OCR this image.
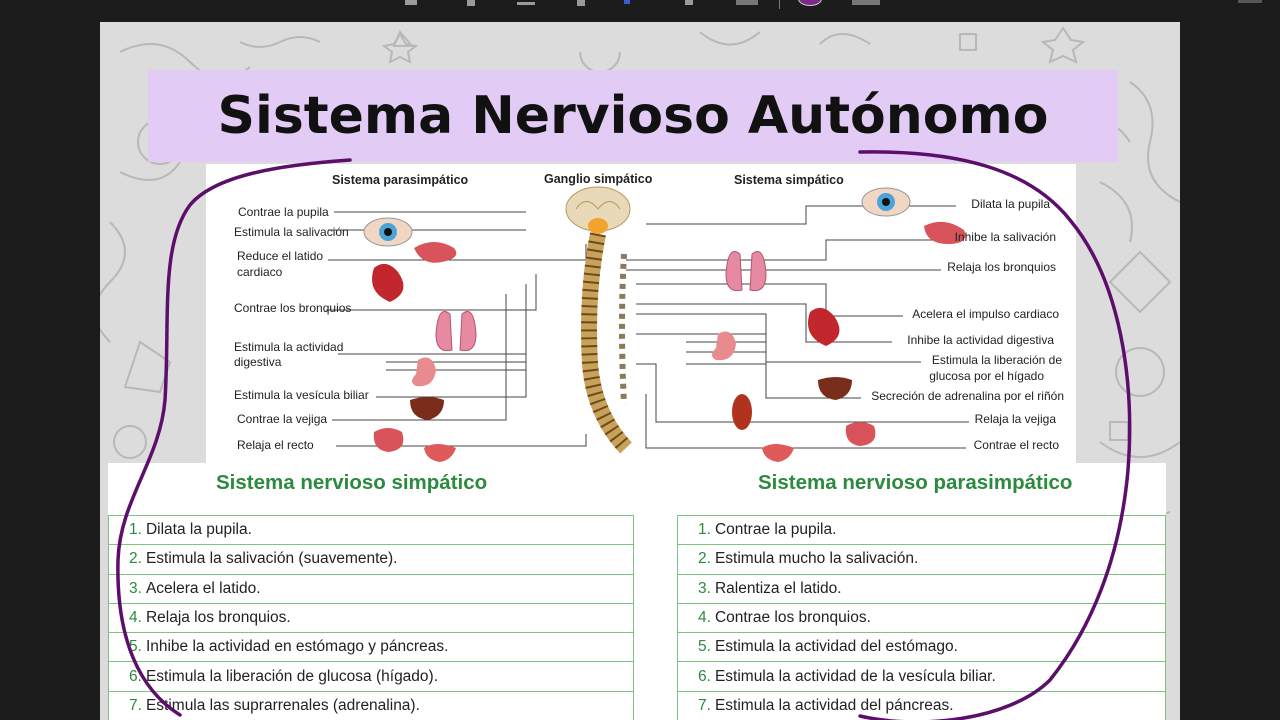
Sistema Nervioso Autónomo
Sistema parasimpático	Ganglio simpático	Sistema simpático
Contrae la pupila
Estimula la salivación
Reduce el latido
cardiaco
Contrae los bronquios
Estimula la actividad
digestiva
Estimula la vesícula biliar
Contrae la vejiga
Relaja el recto
Dilata la pupila
Inhibe la salivación
Relaja los bronquios
Acelera el impulso cardiaco
Inhibe la actividad digestiva
Estimula la liberación de
glucosa por el hígado
Secreción de adrenalina por el riñón
Relaja la vejiga
Contrae el recto
Sistema nervioso simpático	Sistema nervioso parasimpático
1. Dilata la pupila.
2. Estimula la salivación (suavemente).
3. Acelera el latido.
4. Relaja los bronquios.
5. Inhibe la actividad en estómago y páncreas.
6. Estimula la liberación de glucosa (hígado).
7. Estimula las suprarrenales (adrenalina).
1. Contrae la pupila.
2. Estimula mucho la salivación.
3. Ralentiza el latido.
4. Contrae los bronquios.
5. Estimula la actividad del estómago.
6. Estimula la actividad de la vesícula biliar.
7. Estimula la actividad del páncreas.
